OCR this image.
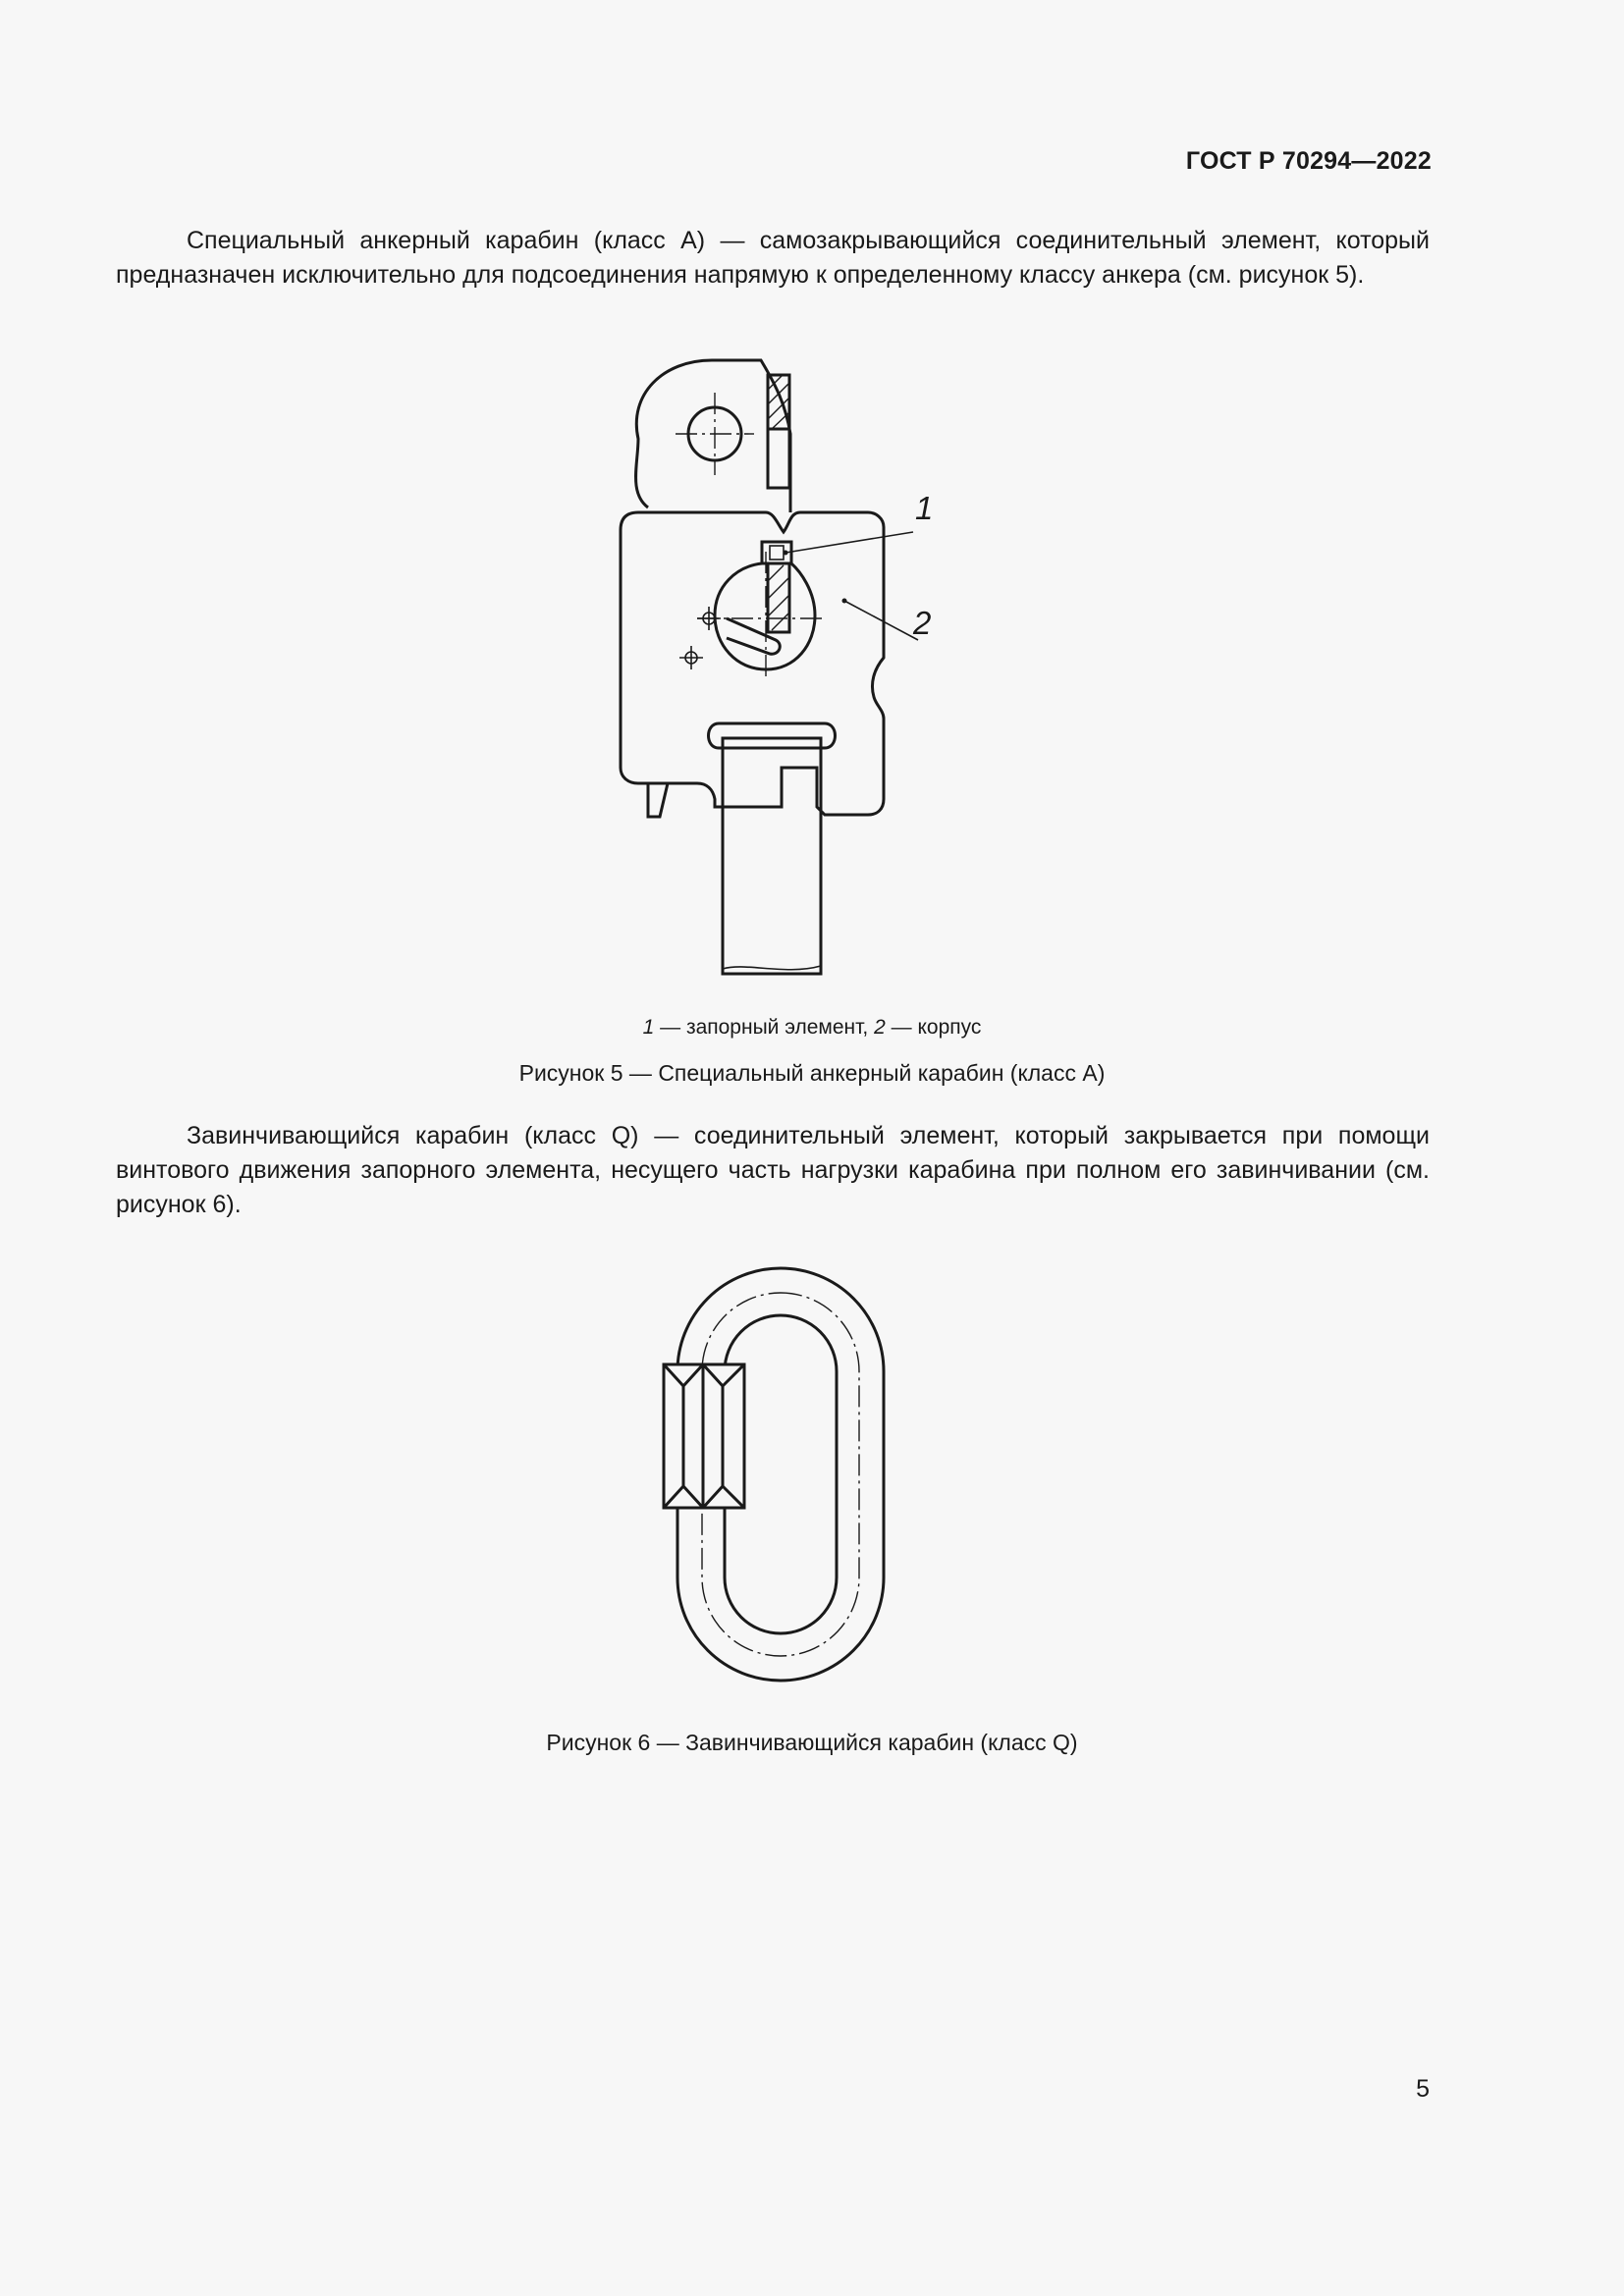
ГОСТ Р 70294—2022

Специальный анкерный карабин (класс А) — самозакрывающийся соединительный элемент, который предназначен исключительно для подсоединения напрямую к определенному классу анкера (см. рисунок 5).

1
2
1 — запорный элемент, 2 — корпус
Рисунок 5 — Специальный анкерный карабин (класс А)

Завинчивающийся карабин (класс Q) — соединительный элемент, который закрывается при помощи винтового движения запорного элемента, несущего часть нагрузки карабина при полном его завинчивании (см. рисунок 6).

Рисунок 6 — Завинчивающийся карабин (класс Q)
5
